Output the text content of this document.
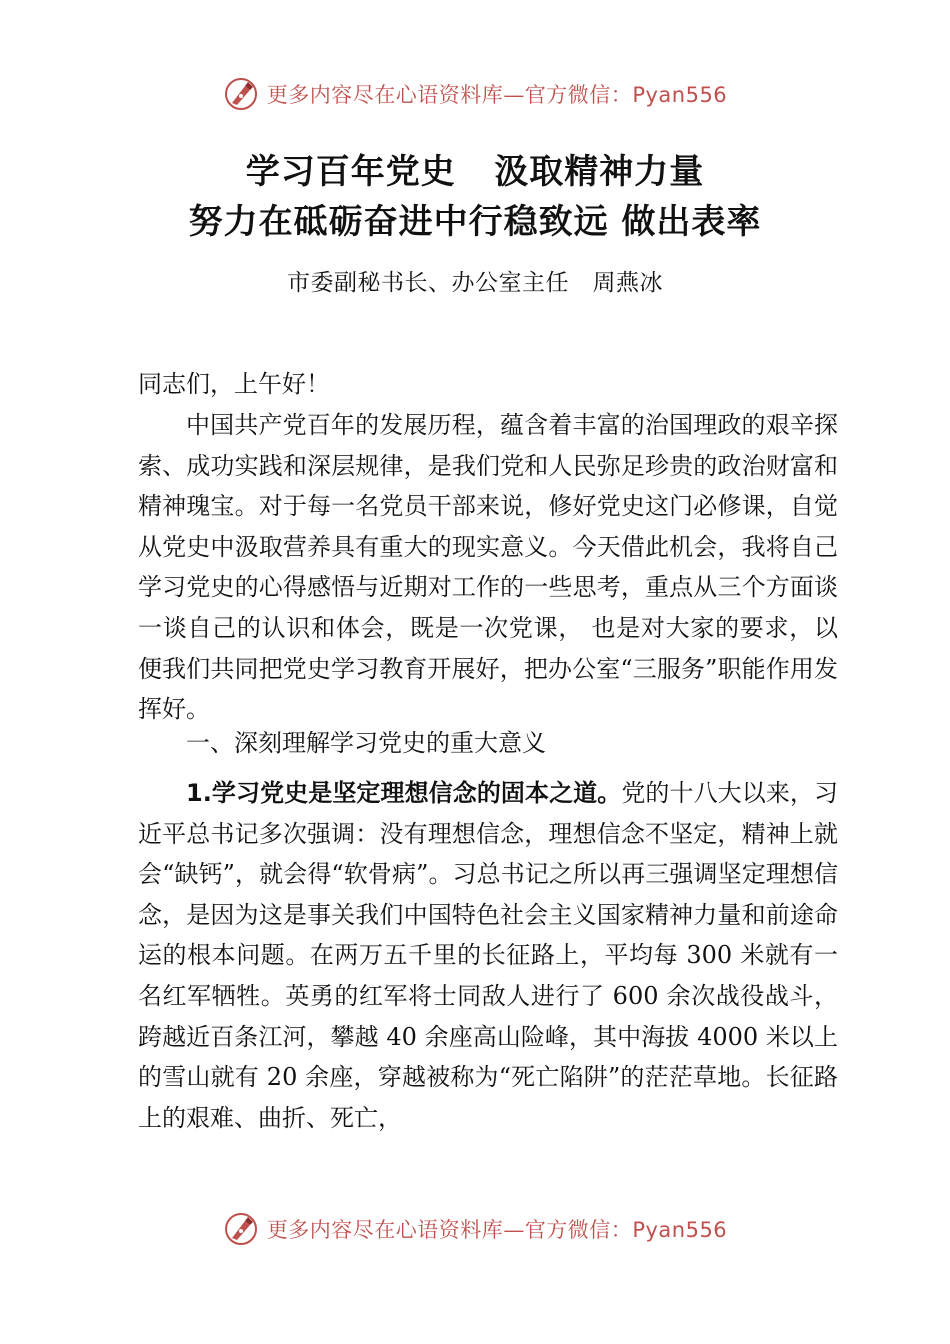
更多内容尽在心语资料库—官方微信：Pyan556
学习百年党史   汲取精神力量
努力在砥砺奋进中行稳致远 做出表率
市委副秘书长、办公室主任   周燕冰
同志们，上午好！
中国共产党百年的发展历程，蕴含着丰富的治国理政的艰辛探索、成功实践和深层规律，是我们党和人民弥足珍贵的政治财富和精神瑰宝。对于每一名党员干部来说，修好党史这门必修课，自觉从党史中汲取营养具有重大的现实意义。今天借此机会，我将自己学习党史的心得感悟与近期对工作的一些思考，重点从三个方面谈一谈自己的认识和体会，既是一次党课， 也是对大家的要求，以便我们共同把党史学习教育开展好，把办公室“三服务”职能作用发挥好。
一、深刻理解学习党史的重大意义
1.学习党史是坚定理想信念的固本之道。党的十八大以来，习近平总书记多次强调：没有理想信念，理想信念不坚定，精神上就会“缺钙”，就会得“软骨病”。习总书记之所以再三强调坚定理想信念，是因为这是事关我们中国特色社会主义国家精神力量和前途命运的根本问题。在两万五千里的长征路上，平均每 300 米就有一名红军牺牲。英勇的红军将士同敌人进行了 600 余次战役战斗，跨越近百条江河，攀越 40 余座高山险峰，其中海拔 4000 米以上的雪山就有 20 余座，穿越被称为“死亡陷阱”的茫茫草地。长征路上的艰难、曲折、死亡，
更多内容尽在心语资料库—官方微信：Pyan556
